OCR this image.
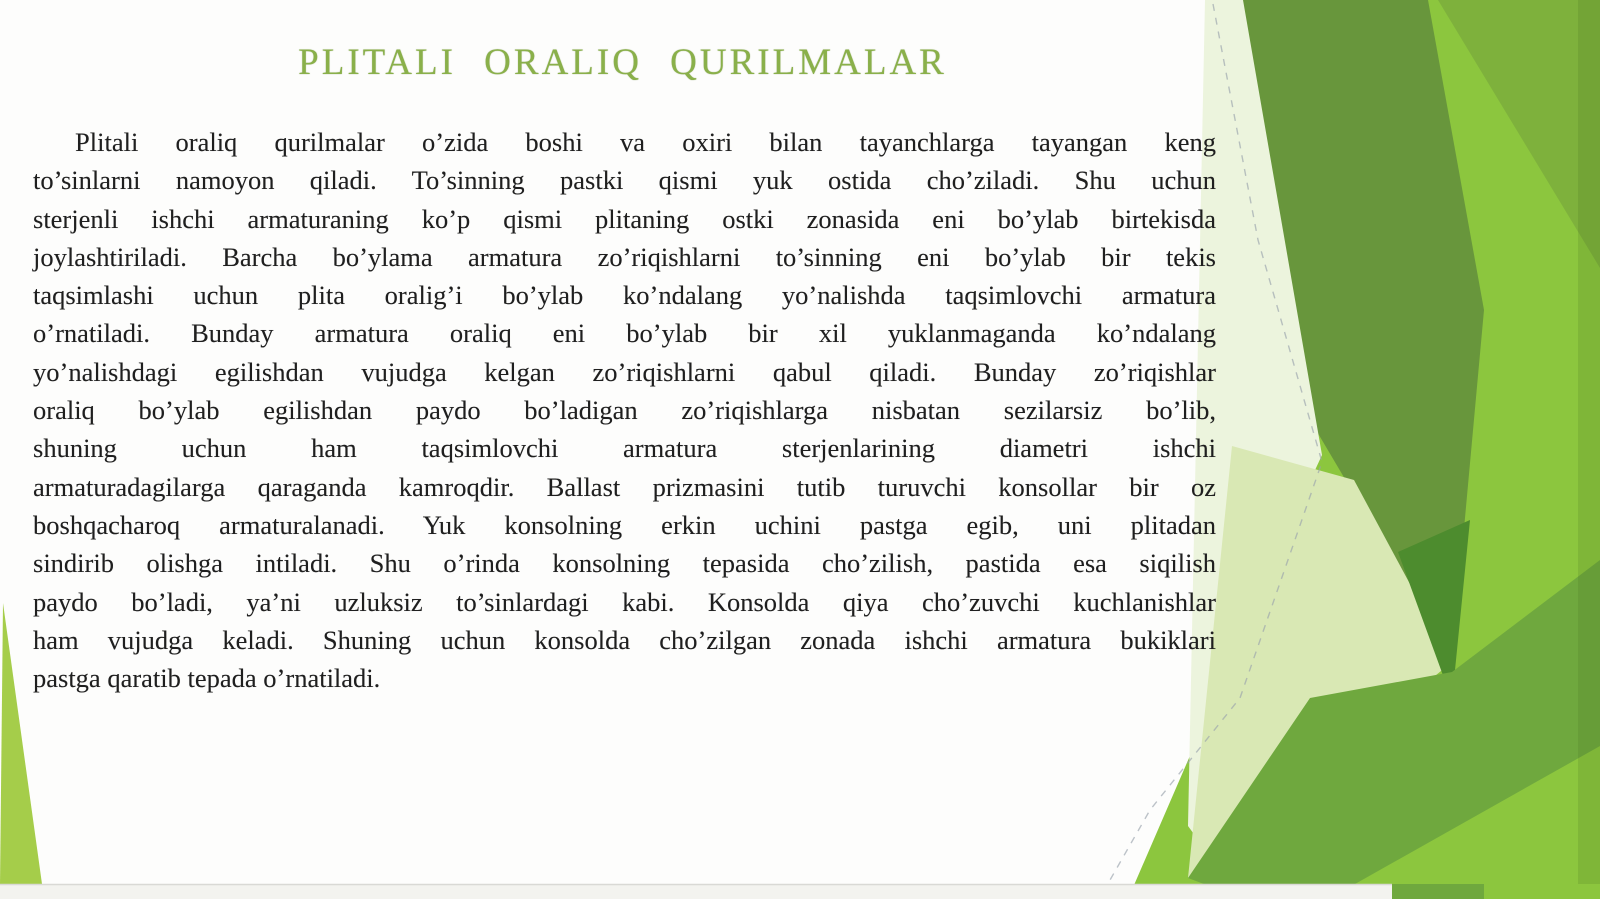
PLITALI ORALIQ QURILMALAR
Plitali oraliq qurilmalar o’zida boshi va oxiri bilan tayanchlarga tayangan keng
to’sinlarni namoyon qiladi. To’sinning pastki qismi yuk ostida cho’ziladi. Shu uchun
sterjenli ishchi armaturaning ko’p qismi plitaning ostki zonasida eni bo’ylab birtekisda
joylashtiriladi. Barcha bo’ylama armatura zo’riqishlarni to’sinning eni bo’ylab bir tekis
taqsimlashi uchun plita oralig’i bo’ylab ko’ndalang yo’nalishda taqsimlovchi armatura
o’rnatiladi. Bunday armatura oraliq eni bo’ylab bir xil yuklanmaganda ko’ndalang
yo’nalishdagi egilishdan vujudga kelgan zo’riqishlarni qabul qiladi. Bunday zo’riqishlar
oraliq bo’ylab egilishdan paydo bo’ladigan zo’riqishlarga nisbatan sezilarsiz bo’lib,
shuning uchun ham taqsimlovchi armatura sterjenlarining diametri ishchi
armaturadagilarga qaraganda kamroqdir. Ballast prizmasini tutib turuvchi konsollar bir oz
boshqacharoq armaturalanadi. Yuk konsolning erkin uchini pastga egib, uni plitadan
sindirib olishga intiladi. Shu o’rinda konsolning tepasida cho’zilish, pastida esa siqilish
paydo bo’ladi, ya’ni uzluksiz to’sinlardagi kabi. Konsolda qiya cho’zuvchi kuchlanishlar
ham vujudga keladi. Shuning uchun konsolda cho’zilgan zonada ishchi armatura bukiklari
pastga qaratib tepada o’rnatiladi.
